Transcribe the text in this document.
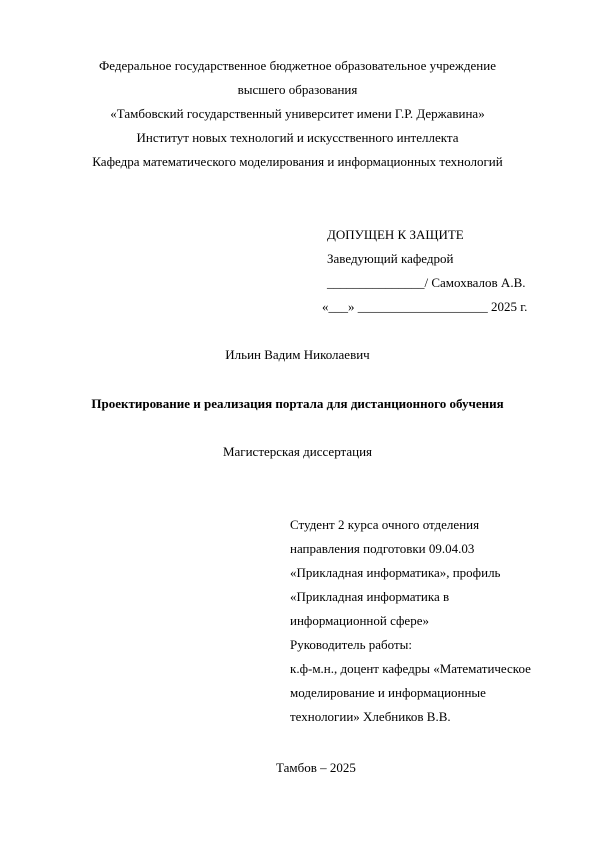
Федеральное государственное бюджетное образовательное учреждение
высшего образования
«Тамбовский государственный университет имени Г.Р. Державина»
Институт новых технологий и искусственного интеллекта
Кафедра математического моделирования и информационных технологий
ДОПУЩЕН К ЗАЩИТЕ
Заведующий кафедрой
_______________/ Самохвалов А.В.
«___» ____________________ 2025 г.
Ильин Вадим Николаевич
Проектирование и реализация портала для дистанционного обучения
Магистерская диссертация
Студент 2 курса очного отделения
направления подготовки 09.04.03
«Прикладная информатика», профиль
«Прикладная информатика в
информационной сфере»
Руководитель работы:
к.ф-м.н., доцент кафедры «Математическое
моделирование и информационные
технологии» Хлебников В.В.
Тамбов – 2025
